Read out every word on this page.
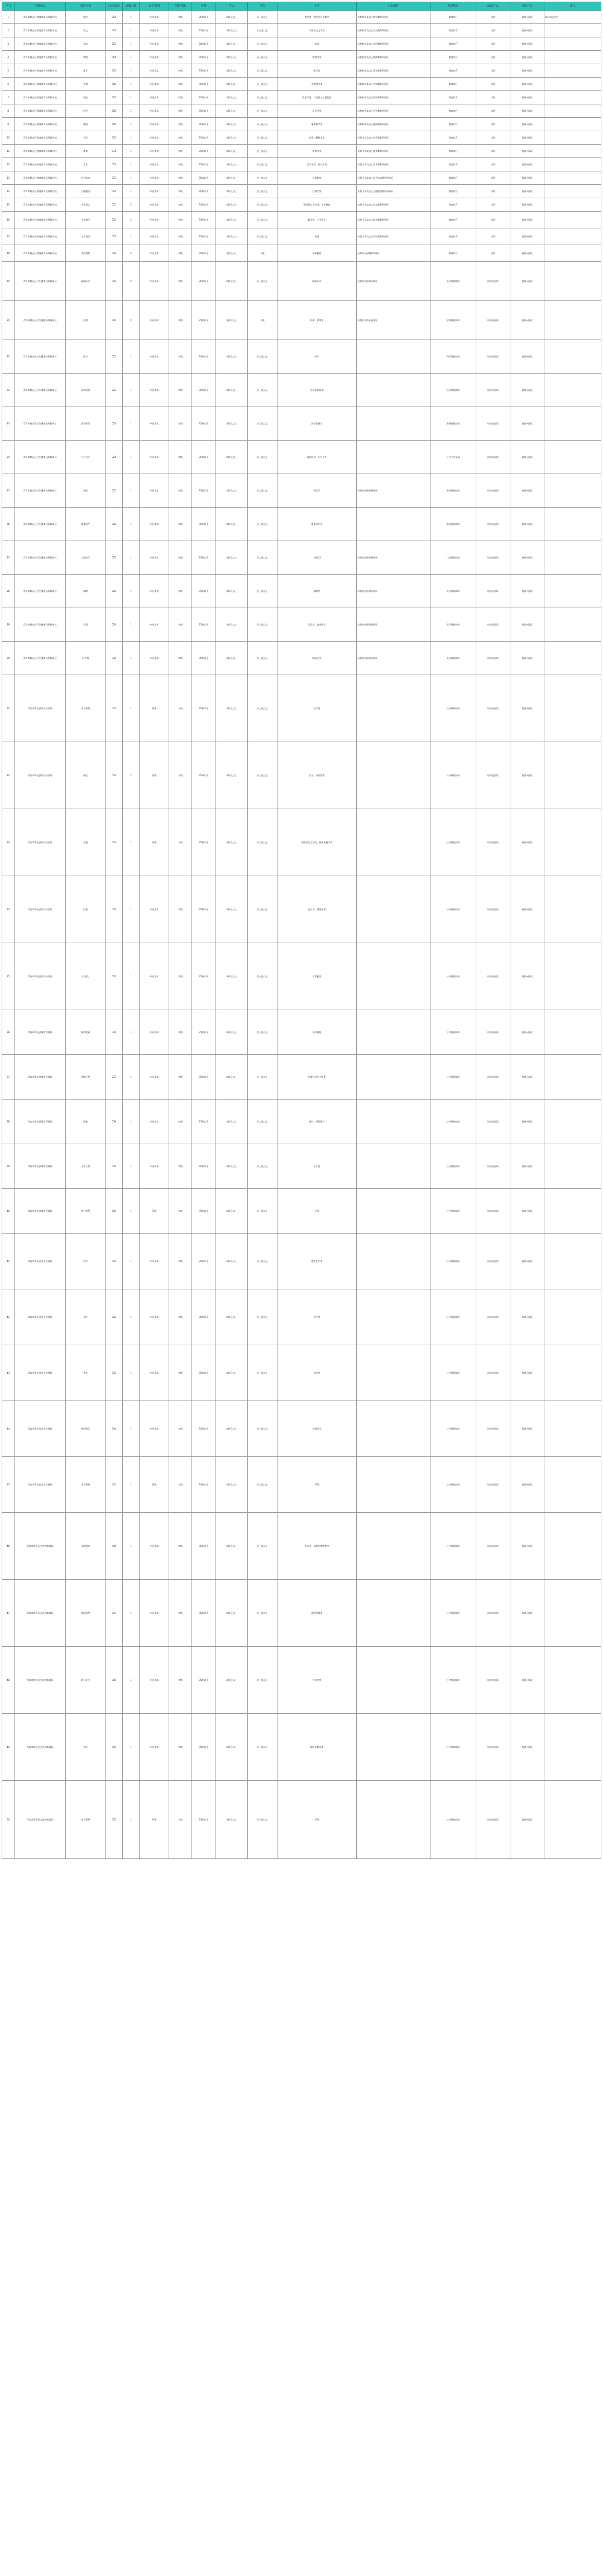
序号	招聘单位	岗位名称	岗位代码	招聘人数	岗位类别	岗位等级	年龄	学历	学位	专业	其他条件	笔试科目	面试方式	考试方式	备注
1	青岛市崂山区教育体育局所属学校	数学	001	1	专业技术	初级	35岁以下	本科及以上	学士及以上	数学类、数学与应用数学	具有初中及以上数学教师资格证	教育综合	试讲	笔试+面试	限应届毕业生
2	青岛市崂山区教育体育局所属学校	语文	002	1	专业技术	初级	35岁以下	本科及以上	学士及以上	中国语言文学类	具有初中及以上语文教师资格证	教育综合	试讲	笔试+面试	
3	青岛市崂山区教育体育局所属学校	英语	003	1	专业技术	初级	35岁以下	本科及以上	学士及以上	英语	具有初中及以上英语教师资格证	教育综合	试讲	笔试+面试	
4	青岛市崂山区教育体育局所属学校	物理	004	1	专业技术	初级	35岁以下	本科及以上	学士及以上	物理学类	具有初中及以上物理教师资格证	教育综合	试讲	笔试+面试	
5	青岛市崂山区教育体育局所属学校	化学	005	1	专业技术	初级	35岁以下	本科及以上	学士及以上	化学类	具有初中及以上化学教师资格证	教育综合	试讲	笔试+面试	
6	青岛市崂山区教育体育局所属学校	生物	006	1	专业技术	初级	35岁以下	本科及以上	学士及以上	生物科学类	具有初中及以上生物教师资格证	教育综合	试讲	笔试+面试	
7	青岛市崂山区教育体育局所属学校	政治	007	1	专业技术	初级	35岁以下	本科及以上	学士及以上	政治学类、马克思主义理论类	具有初中及以上政治教师资格证	教育综合	试讲	笔试+面试	
8	青岛市崂山区教育体育局所属学校	历史	008	1	专业技术	初级	35岁以下	本科及以上	学士及以上	历史学类	具有初中及以上历史教师资格证	教育综合	试讲	笔试+面试	
9	青岛市崂山区教育体育局所属学校	地理	009	1	专业技术	初级	35岁以下	本科及以上	学士及以上	地理科学类	具有初中及以上地理教师资格证	教育综合	试讲	笔试+面试	
10	青岛市崂山区教育体育局所属学校	音乐	010	1	专业技术	初级	35岁以下	本科及以上	学士及以上	音乐与舞蹈学类	具有小学及以上音乐教师资格证	教育综合	试讲	笔试+面试	
11	青岛市崂山区教育体育局所属学校	体育	011	1	专业技术	初级	35岁以下	本科及以上	学士及以上	体育学类	具有小学及以上体育教师资格证	教育综合	试讲	笔试+面试	
12	青岛市崂山区教育体育局所属学校	美术	012	1	专业技术	初级	35岁以下	本科及以上	学士及以上	美术学类、设计学类	具有小学及以上美术教师资格证	教育综合	试讲	笔试+面试	
13	青岛市崂山区教育体育局所属学校	信息技术	013	1	专业技术	初级	35岁以下	本科及以上	学士及以上	计算机类	具有小学及以上信息技术教师资格证	教育综合	试讲	笔试+面试	
14	青岛市崂山区教育体育局所属学校	心理健康	014	1	专业技术	初级	35岁以下	本科及以上	学士及以上	心理学类	具有小学及以上心理健康教师资格证	教育综合	试讲	笔试+面试	
15	青岛市崂山区教育体育局所属学校	小学语文	015	2	专业技术	初级	35岁以下	本科及以上	学士及以上	中国语言文学类、小学教育	具有小学及以上语文教师资格证	教育综合	试讲	笔试+面试	
16	青岛市崂山区教育体育局所属学校	小学数学	016	2	专业技术	初级	35岁以下	本科及以上	学士及以上	数学类、小学教育	具有小学及以上数学教师资格证	教育综合	试讲	笔试+面试	
17	青岛市崂山区教育体育局所属学校	小学英语	017	1	专业技术	初级	35岁以下	本科及以上	学士及以上	英语	具有小学及以上英语教师资格证	教育综合	试讲	笔试+面试	
18	青岛市崂山区教育体育局所属学校	学前教育	018	2	专业技术	初级	35岁以下	专科及以上	不限	学前教育	具有幼儿园教师资格证	教育综合	试讲	笔试+面试	
19	青岛市崂山区卫生健康局所属单位	临床医学	019	2	专业技术	初级	35岁以下	本科及以上	学士及以上	临床医学	具有执业医师资格证	医学基础知识	结构化面试	笔试+面试	
20	青岛市崂山区卫生健康局所属单位	护理	020	2	专业技术	初级	35岁以下	专科及以上	不限	护理、护理学	具有护士执业资格证	护理基础知识	结构化面试	笔试+面试	
21	青岛市崂山区卫生健康局所属单位	药学	021	1	专业技术	初级	35岁以下	本科及以上	学士及以上	药学		药学基础知识	结构化面试	笔试+面试	
22	青岛市崂山区卫生健康局所属单位	医学检验	022	1	专业技术	初级	35岁以下	本科及以上	学士及以上	医学检验技术		检验基础知识	结构化面试	笔试+面试	
23	青岛市崂山区卫生健康局所属单位	医学影像	023	1	专业技术	初级	35岁以下	本科及以上	学士及以上	医学影像学		影像基础知识	结构化面试	笔试+面试	
24	青岛市崂山区卫生健康局所属单位	公共卫生	024	1	专业技术	初级	35岁以下	本科及以上	学士及以上	预防医学、公共卫生		公共卫生基础	结构化面试	笔试+面试	
25	青岛市崂山区卫生健康局所属单位	中医	025	1	专业技术	初级	35岁以下	本科及以上	学士及以上	中医学	具有执业医师资格证	中医基础知识	结构化面试	笔试+面试	
26	青岛市崂山区卫生健康局所属单位	康复治疗	026	1	专业技术	初级	35岁以下	本科及以上	学士及以上	康复治疗学		康复基础知识	结构化面试	笔试+面试	
27	青岛市崂山区卫生健康局所属单位	口腔医学	027	1	专业技术	初级	35岁以下	本科及以上	学士及以上	口腔医学	具有执业医师资格证	口腔基础知识	结构化面试	笔试+面试	
28	青岛市崂山区卫生健康局所属单位	麻醉	028	1	专业技术	初级	35岁以下	本科及以上	学士及以上	麻醉学	具有执业医师资格证	医学基础知识	结构化面试	笔试+面试	
29	青岛市崂山区卫生健康局所属单位	儿科	029	1	专业技术	初级	35岁以下	本科及以上	学士及以上	儿科学、临床医学	具有执业医师资格证	医学基础知识	结构化面试	笔试+面试	
30	青岛市崂山区卫生健康局所属单位	妇产科	030	1	专业技术	初级	35岁以下	本科及以上	学士及以上	临床医学	具有执业医师资格证	医学基础知识	结构化面试	笔试+面试	
31	青岛市崂山区综合执法局	综合管理	031	1	管理	九级	35岁以下	本科及以上	学士及以上	法学类		公共基础知识	结构化面试	笔试+面试	
32	青岛市崂山区综合执法局	执法	032	2	管理	九级	35岁以下	本科及以上	学士及以上	法学、行政管理		公共基础知识	结构化面试	笔试+面试	
33	青岛市崂山区综合执法局	文秘	033	1	管理	九级	35岁以下	本科及以上	学士及以上	中国语言文学类、新闻传播学类		公共基础知识	结构化面试	笔试+面试	
34	青岛市崂山区综合执法局	财务	034	1	专业技术	初级	35岁以下	本科及以上	学士及以上	会计学、财务管理		公共基础知识	结构化面试	笔试+面试	
35	青岛市崂山区综合执法局	信息化	035	1	专业技术	初级	35岁以下	本科及以上	学士及以上	计算机类		公共基础知识	结构化面试	笔试+面试	
36	青岛市崂山区城市管理局	城市规划	036	1	专业技术	初级	35岁以下	本科及以上	学士及以上	城乡规划		公共基础知识	结构化面试	笔试+面试	
37	青岛市崂山区城市管理局	环境工程	037	1	专业技术	初级	35岁以下	本科及以上	学士及以上	环境科学与工程类		公共基础知识	结构化面试	笔试+面试	
38	青岛市崂山区城市管理局	园林	038	1	专业技术	初级	35岁以下	本科及以上	学士及以上	园林、风景园林		公共基础知识	结构化面试	笔试+面试	
39	青岛市崂山区城市管理局	土木工程	039	1	专业技术	初级	35岁以下	本科及以上	学士及以上	土木类		公共基础知识	结构化面试	笔试+面试	
40	青岛市崂山区城市管理局	综合管理	040	1	管理	九级	35岁以下	本科及以上	学士及以上	不限		公共基础知识	结构化面试	笔试+面试	
41	青岛市崂山区农业农村局	农学	041	1	专业技术	初级	35岁以下	本科及以上	学士及以上	植物生产类		公共基础知识	结构化面试	笔试+面试	
42	青岛市崂山区农业农村局	水产	042	1	专业技术	初级	35岁以下	本科及以上	学士及以上	水产类		公共基础知识	结构化面试	笔试+面试	
43	青岛市崂山区农业农村局	林业	043	1	专业技术	初级	35岁以下	本科及以上	学士及以上	林学类		公共基础知识	结构化面试	笔试+面试	
44	青岛市崂山区农业农村局	畜牧兽医	044	1	专业技术	初级	35岁以下	本科及以上	学士及以上	动物医学		公共基础知识	结构化面试	笔试+面试	
45	青岛市崂山区农业农村局	综合管理	045	1	管理	九级	35岁以下	本科及以上	学士及以上	不限		公共基础知识	结构化面试	笔试+面试	
46	青岛市崂山区文化和旅游局	文物保护	046	1	专业技术	初级	35岁以下	本科及以上	学士及以上	考古学、文物与博物馆学		公共基础知识	结构化面试	笔试+面试	
47	青岛市崂山区文化和旅游局	旅游管理	047	1	专业技术	初级	35岁以下	本科及以上	学士及以上	旅游管理类		公共基础知识	结构化面试	笔试+面试	
48	青岛市崂山区文化和旅游局	群众文化	048	1	专业技术	初级	35岁以下	本科及以上	学士及以上	艺术学类		公共基础知识	结构化面试	笔试+面试	
49	青岛市崂山区文化和旅游局	宣传	049	1	专业技术	初级	35岁以下	本科及以上	学士及以上	新闻传播学类		公共基础知识	结构化面试	笔试+面试	
50	青岛市崂山区文化和旅游局	综合管理	050	1	管理	九级	35岁以下	本科及以上	学士及以上	不限		公共基础知识	结构化面试	笔试+面试	
